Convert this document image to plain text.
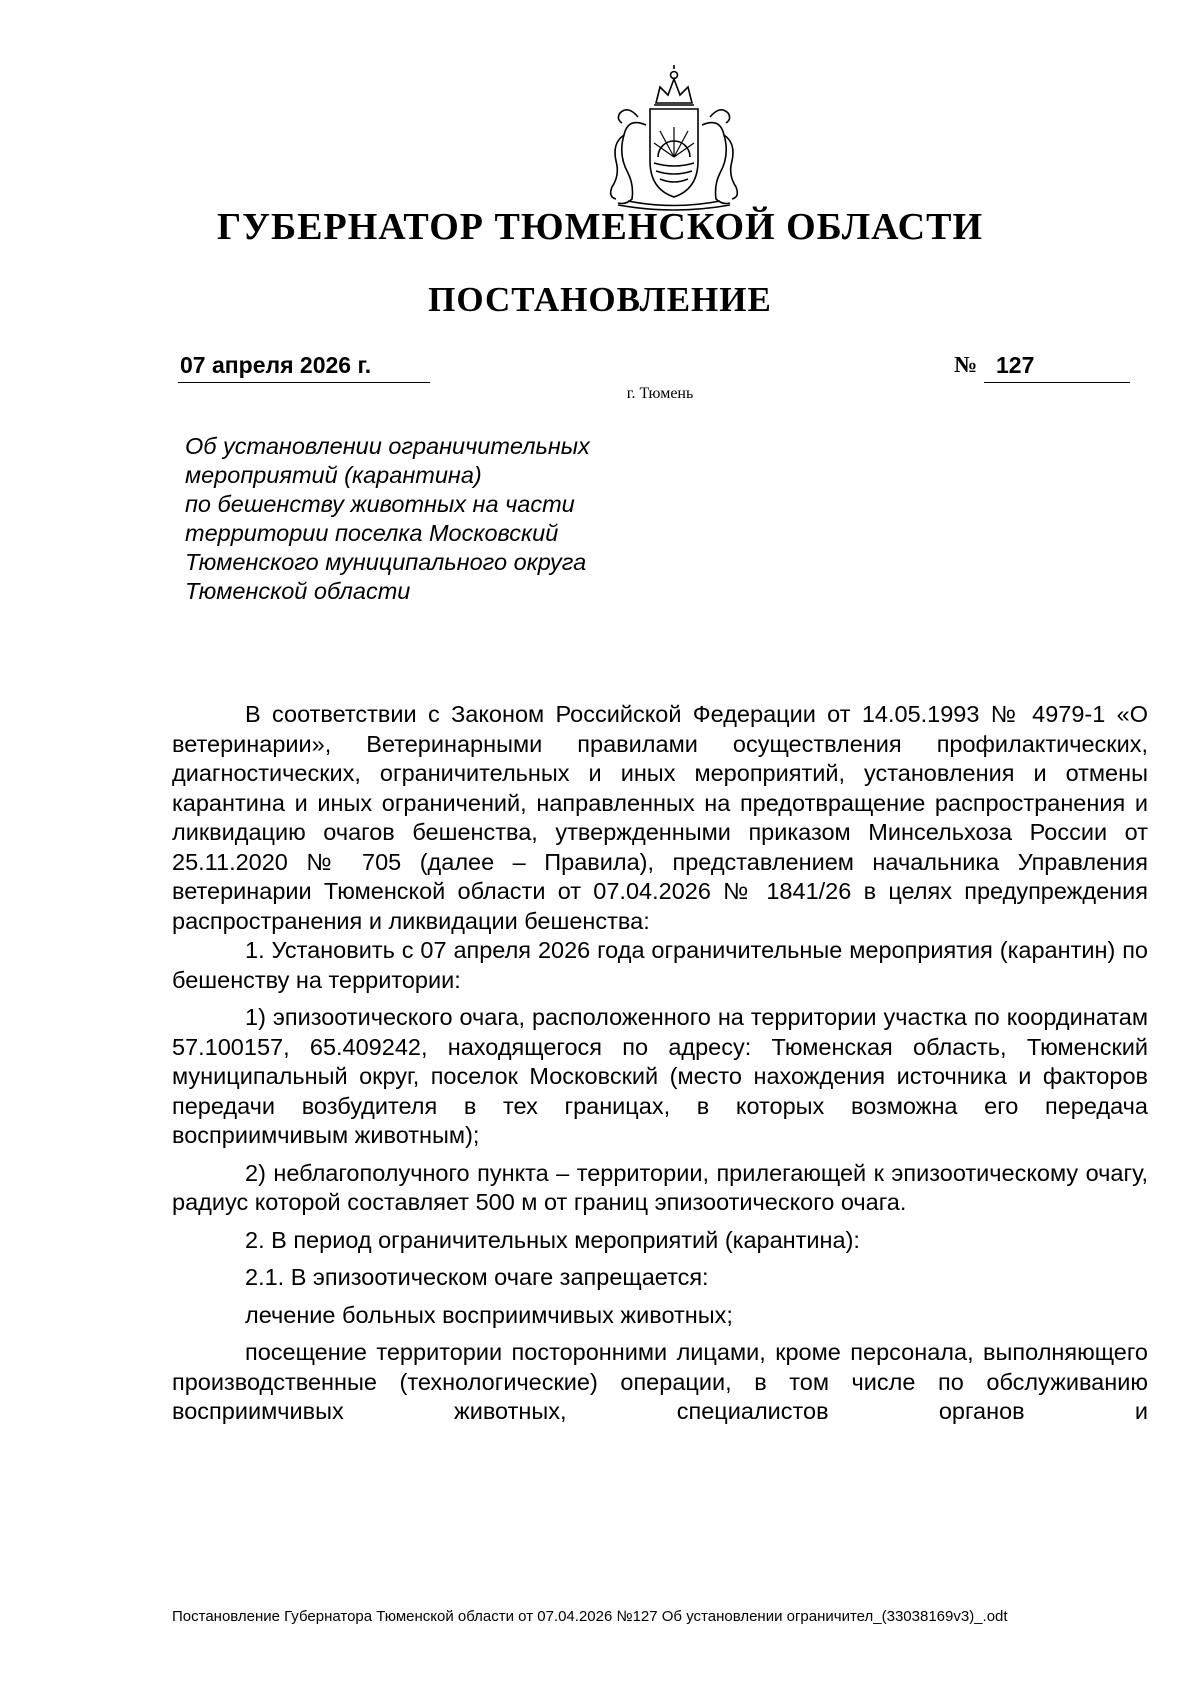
ГУБЕРНАТОР ТЮМЕНСКОЙ ОБЛАСТИ
ПОСТАНОВЛЕНИЕ
07 апреля 2026 г.	№ 127
г. Тюмень
Об установлении ограничительных
мероприятий (карантина)
по бешенству животных на части
территории поселка Московский
Тюменского муниципального округа
Тюменской области

В соответствии с Законом Российской Федерации от 14.05.1993 № 4979-1 «О ветеринарии», Ветеринарными правилами осуществления профилактических, диагностических, ограничительных и иных мероприятий, установления и отмены карантина и иных ограничений, направленных на предотвращение распространения и ликвидацию очагов бешенства, утвержденными приказом Минсельхоза России от 25.11.2020 № 705 (далее – Правила), представлением начальника Управления ветеринарии Тюменской области от 07.04.2026 № 1841/26 в целях предупреждения распространения и ликвидации бешенства:

1. Установить с 07 апреля 2026 года ограничительные мероприятия (карантин) по бешенству на территории:

1) эпизоотического очага, расположенного на территории участка по координатам 57.100157, 65.409242, находящегося по адресу: Тюменская область, Тюменский муниципальный округ, поселок Московский (место нахождения источника и факторов передачи возбудителя в тех границах, в которых возможна его передача восприимчивым животным);

2) неблагополучного пункта – территории, прилегающей к эпизоотическому очагу, радиус которой составляет 500 м от границ эпизоотического очага.

2. В период ограничительных мероприятий (карантина):

2.1. В эпизоотическом очаге запрещается:

лечение больных восприимчивых животных;

посещение территории посторонними лицами, кроме персонала, выполняющего производственные (технологические) операции, в том числе по обслуживанию восприимчивых животных, специалистов органов и

Постановление Губернатора Тюменской области от 07.04.2026 №127 Об установлении ограничител_(33038169v3)_.odt
